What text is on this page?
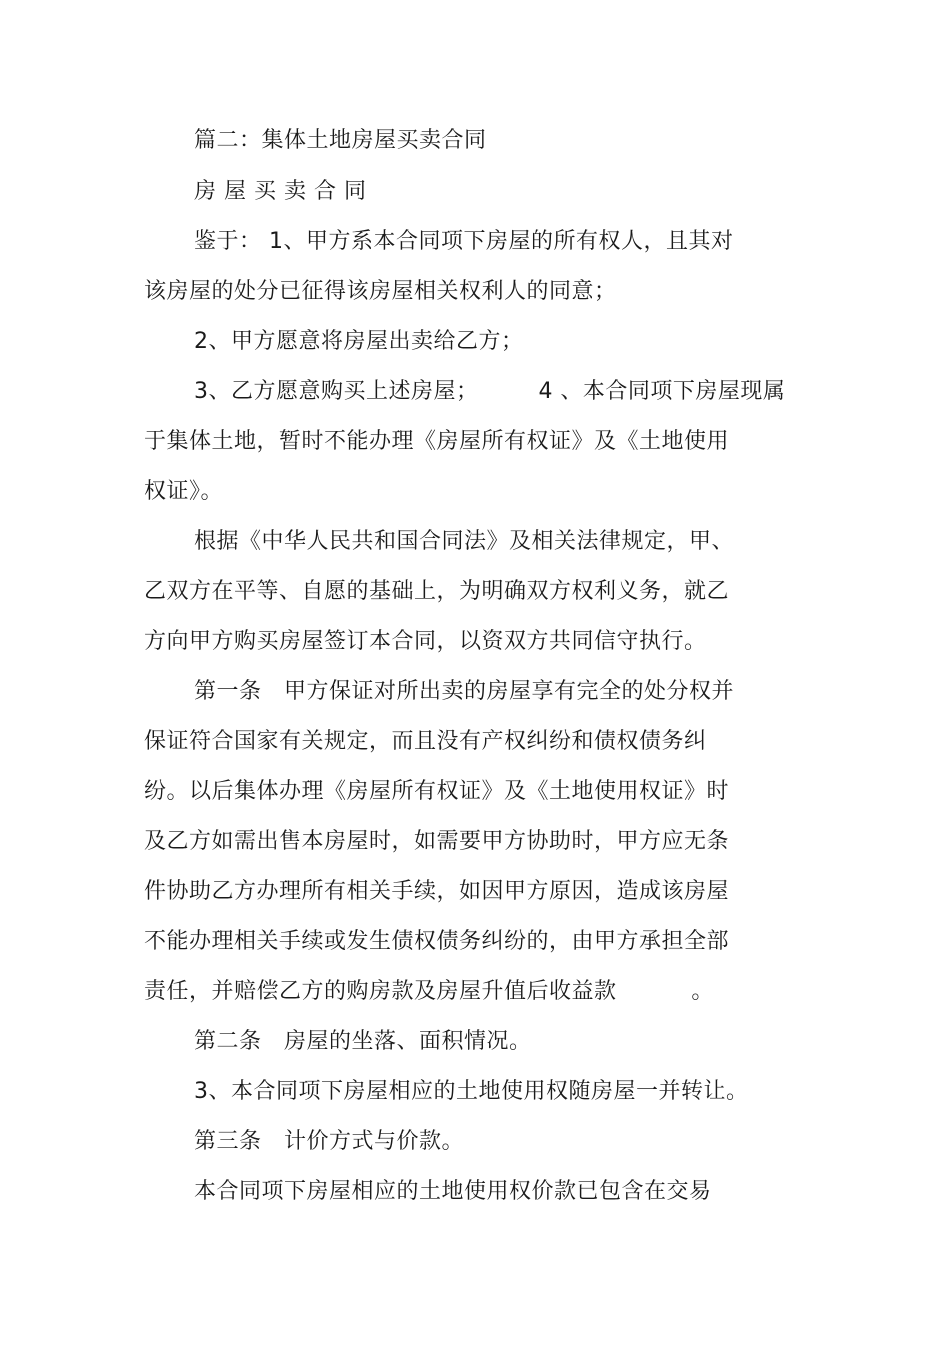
篇二：集体土地房屋买卖合同
房 屋 买 卖 合 同
鉴于： 1、甲方系本合同项下房屋的所有权人，且其对
该房屋的处分已征得该房屋相关权利人的同意；
2、甲方愿意将房屋出卖给乙方；
3、乙方愿意购买上述房屋；        4 、本合同项下房屋现属
于集体土地，暂时不能办理《房屋所有权证》及《土地使用
权证》。
根据《中华人民共和国合同法》及相关法律规定，甲、
乙双方在平等、自愿的基础上，为明确双方权利义务，就乙
方向甲方购买房屋签订本合同，以资双方共同信守执行。
第一条   甲方保证对所出卖的房屋享有完全的处分权并
保证符合国家有关规定，而且没有产权纠纷和债权债务纠
纷。以后集体办理《房屋所有权证》及《土地使用权证》时
及乙方如需出售本房屋时，如需要甲方协助时，甲方应无条
件协助乙方办理所有相关手续，如因甲方原因，造成该房屋
不能办理相关手续或发生债权债务纠纷的，由甲方承担全部
责任，并赔偿乙方的购房款及房屋升值后收益款          。
第二条   房屋的坐落、面积情况。
3、本合同项下房屋相应的土地使用权随房屋一并转让。
第三条   计价方式与价款。
本合同项下房屋相应的土地使用权价款已包含在交易
